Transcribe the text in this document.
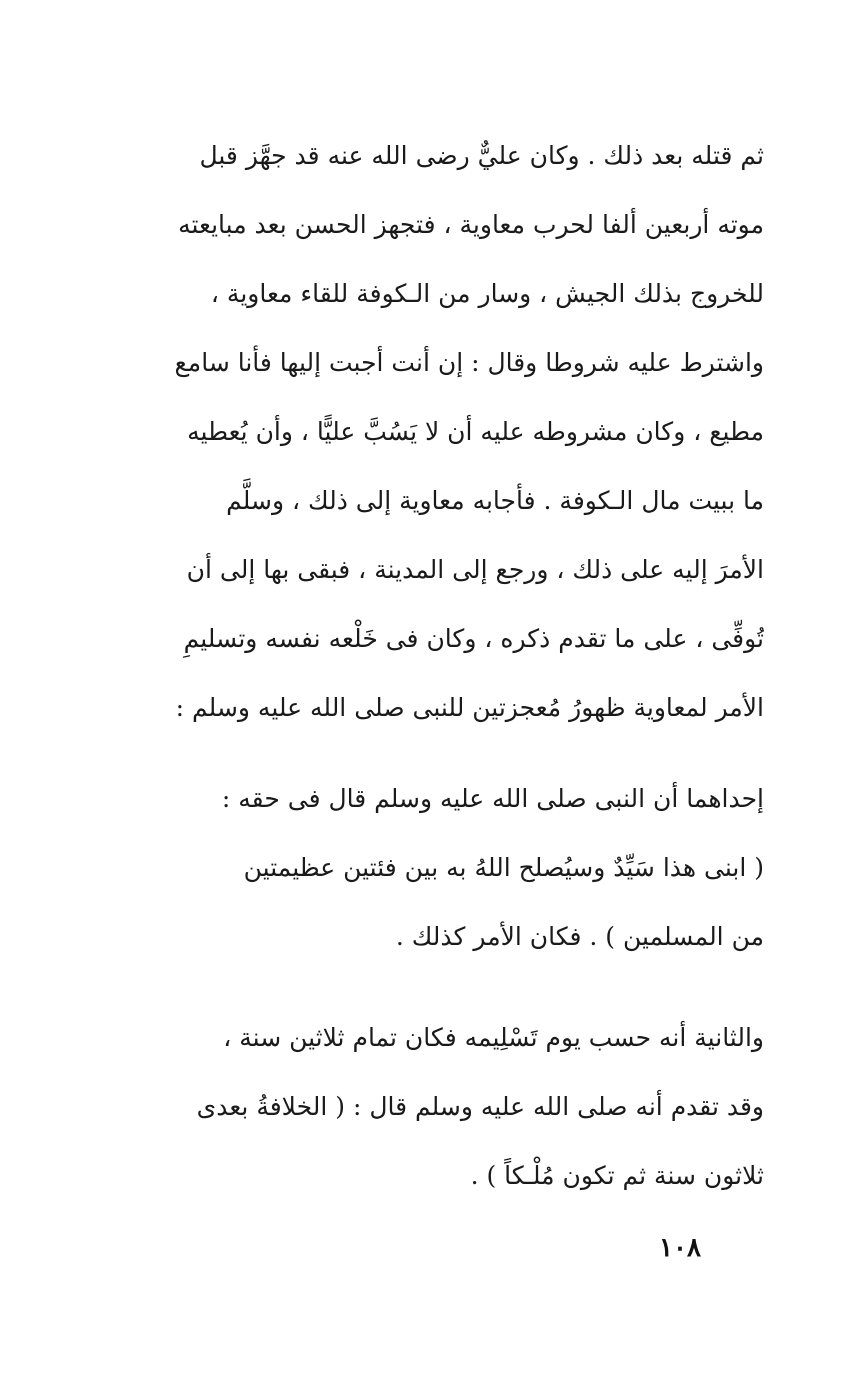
ثم قتله بعد ذلك . وكان عليٌّ رضى الله عنه قد جهَّز قبل
موته أربعين ألفا لحرب معاوية ، فتجهز الحسن بعد مبايعته
للخروج بذلك الجيش ، وسار من الـكوفة للقاء معاوية ،
واشترط عليه شروطا وقال : إن أنت أجبت إليها فأنا سامع
مطيع ، وكان مشروطه عليه أن لا يَسُبَّ عليًّا ، وأن يُعطيه
ما ببيت مال الـكوفة . فأجابه معاوية إلى ذلك ، وسلَّم
الأمرَ إليه على ذلك ، ورجع إلى المدينة ، فبقى بها إلى أن
تُوفِّى ، على ما تقدم ذكره ، وكان فى خَلْعه نفسه وتسليمِ
الأمر لمعاوية ظهورُ مُعجزتين للنبى صلى الله عليه وسلم :
إحداهما أن النبى صلى الله عليه وسلم قال فى حقه :
( ابنى هذا سَيِّدٌ وسيُصلح اللهُ به بين فئتين عظيمتين
من المسلمين ) . فكان الأمر كذلك .
والثانية أنه حسب يوم تَسْلِيمه فكان تمام ثلاثين سنة ،
وقد تقدم أنه صلى الله عليه وسلم قال : ( الخلافةُ بعدى
ثلاثون سنة ثم تكون مُلْـكاً ) .
١٠٨
